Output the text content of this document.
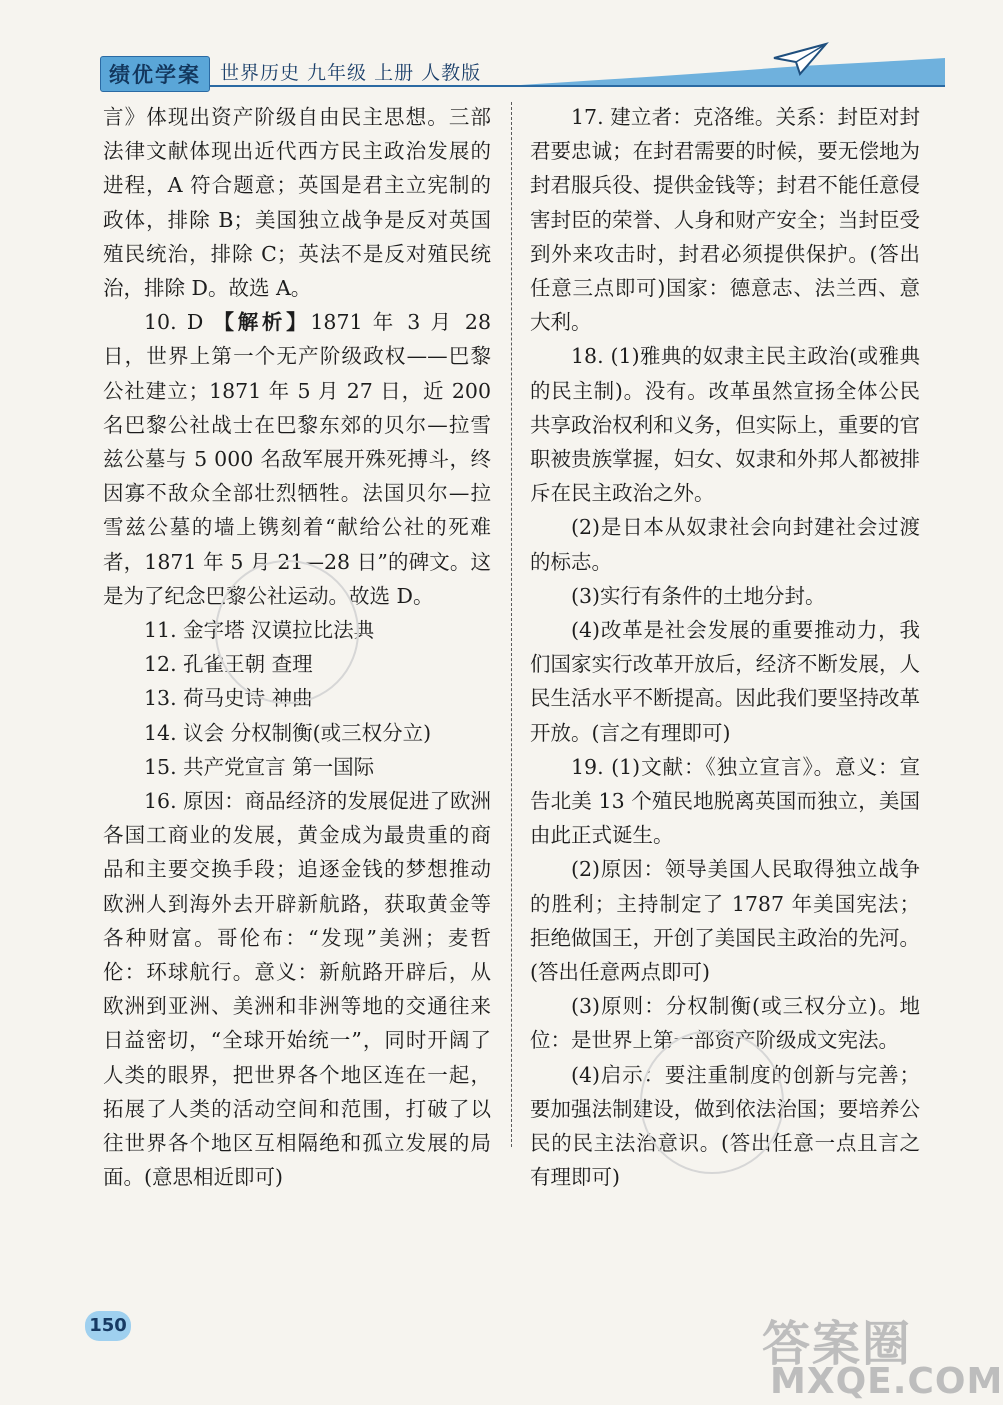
绩优学案	世界历史 九年级 上册 人教版

言》体现出资产阶级自由民主思想。三部法律文献体现出近代西方民主政治发展的进程，A 符合题意；英国是君主立宪制的政体，排除 B；美国独立战争是反对英国殖民统治，排除 C；英法不是反对殖民统治，排除 D。故选 A。

10. D 【解析】1871 年 3 月 28 日，世界上第一个无产阶级政权——巴黎公社建立；1871 年 5 月 27 日，近 200 名巴黎公社战士在巴黎东郊的贝尔—拉雪兹公墓与 5 000 名敌军展开殊死搏斗，终因寡不敌众全部壮烈牺牲。法国贝尔—拉雪兹公墓的墙上镌刻着“献给公社的死难者，1871 年 5 月 21—28 日”的碑文。这是为了纪念巴黎公社运动。故选 D。

11. 金字塔 汉谟拉比法典

12. 孔雀王朝 查理

13. 荷马史诗 神曲

14. 议会 分权制衡(或三权分立)

15. 共产党宣言 第一国际

16. 原因：商品经济的发展促进了欧洲各国工商业的发展，黄金成为最贵重的商品和主要交换手段；追逐金钱的梦想推动欧洲人到海外去开辟新航路，获取黄金等各种财富。哥伦布：“发现”美洲；麦哲伦：环球航行。意义：新航路开辟后，从欧洲到亚洲、美洲和非洲等地的交通往来日益密切，“全球开始统一”，同时开阔了人类的眼界，把世界各个地区连在一起，拓展了人类的活动空间和范围，打破了以往世界各个地区互相隔绝和孤立发展的局面。(意思相近即可)

17. 建立者：克洛维。关系：封臣对封君要忠诚；在封君需要的时候，要无偿地为封君服兵役、提供金钱等；封君不能任意侵害封臣的荣誉、人身和财产安全；当封臣受到外来攻击时，封君必须提供保护。(答出任意三点即可)国家：德意志、法兰西、意大利。

18. (1)雅典的奴隶主民主政治(或雅典的民主制)。没有。改革虽然宣扬全体公民共享政治权利和义务，但实际上，重要的官职被贵族掌握，妇女、奴隶和外邦人都被排斥在民主政治之外。

(2)是日本从奴隶社会向封建社会过渡的标志。

(3)实行有条件的土地分封。

(4)改革是社会发展的重要推动力，我们国家实行改革开放后，经济不断发展，人民生活水平不断提高。因此我们要坚持改革开放。(言之有理即可)

19. (1)文献：《独立宣言》。意义：宣告北美 13 个殖民地脱离英国而独立，美国由此正式诞生。

(2)原因：领导美国人民取得独立战争的胜利；主持制定了 1787 年美国宪法；拒绝做国王，开创了美国民主政治的先河。(答出任意两点即可)

(3)原则：分权制衡(或三权分立)。地位：是世界上第一部资产阶级成文宪法。

(4)启示：要注重制度的创新与完善；要加强法制建设，做到依法治国；要培养公民的民主法治意识。(答出任意一点且言之有理即可)

150	答案圈
MXQE.COM
